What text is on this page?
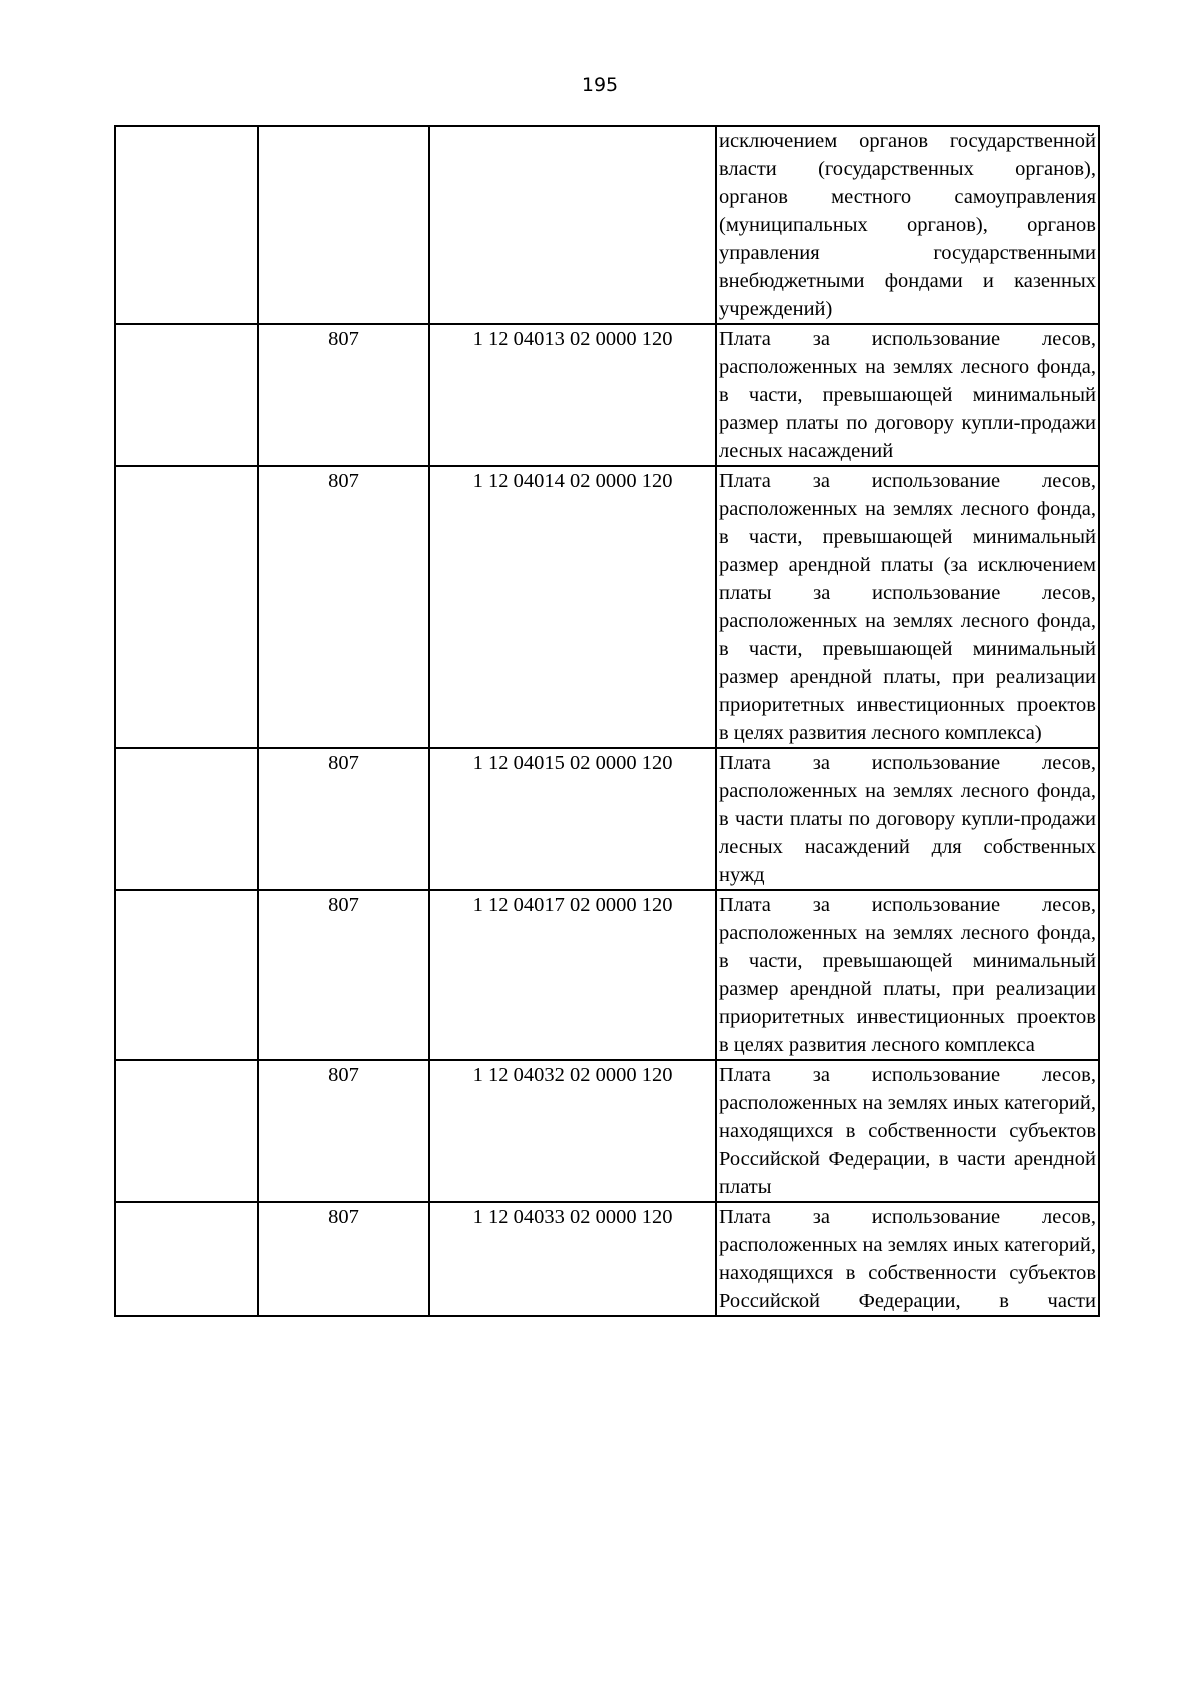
195
			исключением органов государственной власти (государственных органов), органов местного самоуправления (муниципальных органов), органов управления государственными внебюджетными фондами и казенных учреждений)
	807	1 12 04013 02 0000 120	Плата за использование лесов, расположенных на землях лесного фонда, в части, превышающей минимальный размер платы по договору купли-продажи лесных насаждений
	807	1 12 04014 02 0000 120	Плата за использование лесов, расположенных на землях лесного фонда, в части, превышающей минимальный размер арендной платы (за исключением платы за использование лесов, расположенных на землях лесного фонда, в части, превышающей минимальный размер арендной платы, при реализации приоритетных инвестиционных проектов в целях развития лесного комплекса)
	807	1 12 04015 02 0000 120	Плата за использование лесов, расположенных на землях лесного фонда, в части платы по договору купли-продажи лесных насаждений для собственных нужд
	807	1 12 04017 02 0000 120	Плата за использование лесов, расположенных на землях лесного фонда, в части, превышающей минимальный размер арендной платы, при реализации приоритетных инвестиционных проектов в целях развития лесного комплекса
	807	1 12 04032 02 0000 120	Плата за использование лесов, расположенных на землях иных категорий, находящихся в собственности субъектов Российской Федерации, в части арендной платы
	807	1 12 04033 02 0000 120	Плата за использование лесов, расположенных на землях иных категорий, находящихся в собственности субъектов Российской Федерации, в части
